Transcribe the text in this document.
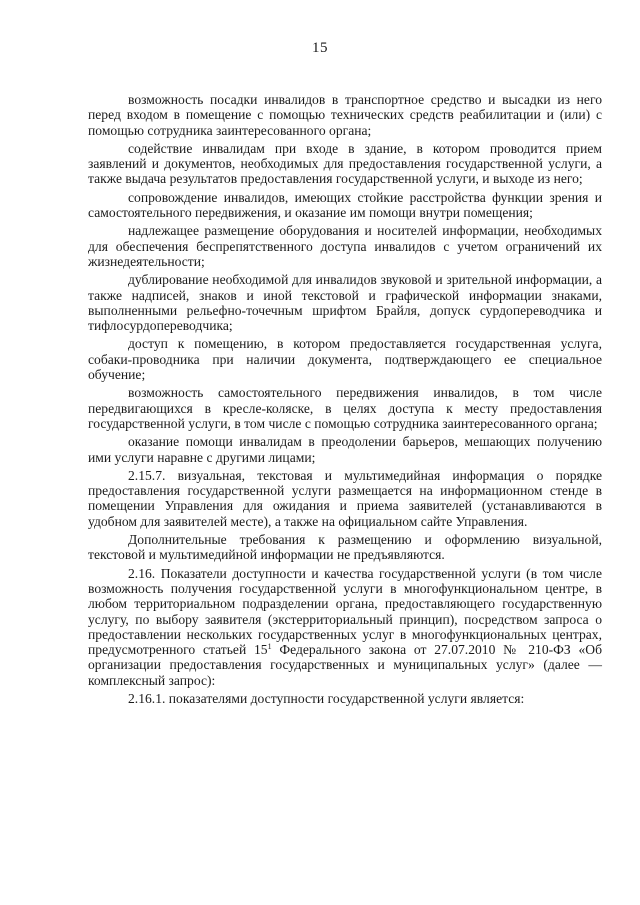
15

возможность посадки инвалидов в транспортное средство и высадки из него перед входом в помещение с помощью технических средств реабилитации и (или) с помощью сотрудника заинтересованного органа;

содействие инвалидам при входе в здание, в котором проводится прием заявлений и документов, необходимых для предоставления государственной услуги, а также выдача результатов предоставления государственной услуги, и выходе из него;

сопровождение инвалидов, имеющих стойкие расстройства функции зрения и самостоятельного передвижения, и оказание им помощи внутри помещения;

надлежащее размещение оборудования и носителей информации, необходимых для обеспечения беспрепятственного доступа инвалидов с учетом ограничений их жизнедеятельности;

дублирование необходимой для инвалидов звуковой и зрительной информации, а также надписей, знаков и иной текстовой и графической информации знаками, выполненными рельефно-точечным шрифтом Брайля, допуск сурдопереводчика и тифлосурдопереводчика;

доступ к помещению, в котором предоставляется государственная услуга, собаки-проводника при наличии документа, подтверждающего ее специальное обучение;

возможность самостоятельного передвижения инвалидов, в том числе передвигающихся в кресле-коляске, в целях доступа к месту предоставления государственной услуги, в том числе с помощью сотрудника заинтересованного органа;

оказание помощи инвалидам в преодолении барьеров, мешающих получению ими услуги наравне с другими лицами;

2.15.7. визуальная, текстовая и мультимедийная информация о порядке предоставления государственной услуги размещается на информационном стенде в помещении Управления для ожидания и приема заявителей (устанавливаются в удобном для заявителей месте), а также на официальном сайте Управления.

Дополнительные требования к размещению и оформлению визуальной, текстовой и мультимедийной информации не предъявляются.

2.16. Показатели доступности и качества государственной услуги (в том числе возможность получения государственной услуги в многофункциональном центре, в любом территориальном подразделении органа, предоставляющего государственную услугу, по выбору заявителя (экстерриториальный принцип), посредством запроса о предоставлении нескольких государственных услуг в многофункциональных центрах, предусмотренного статьей $15^1$ Федерального закона от 27.07.2010 № 210-ФЗ «Об организации предоставления государственных и муниципальных услуг» (далее — комплексный запрос):

2.16.1. показателями доступности государственной услуги является:
